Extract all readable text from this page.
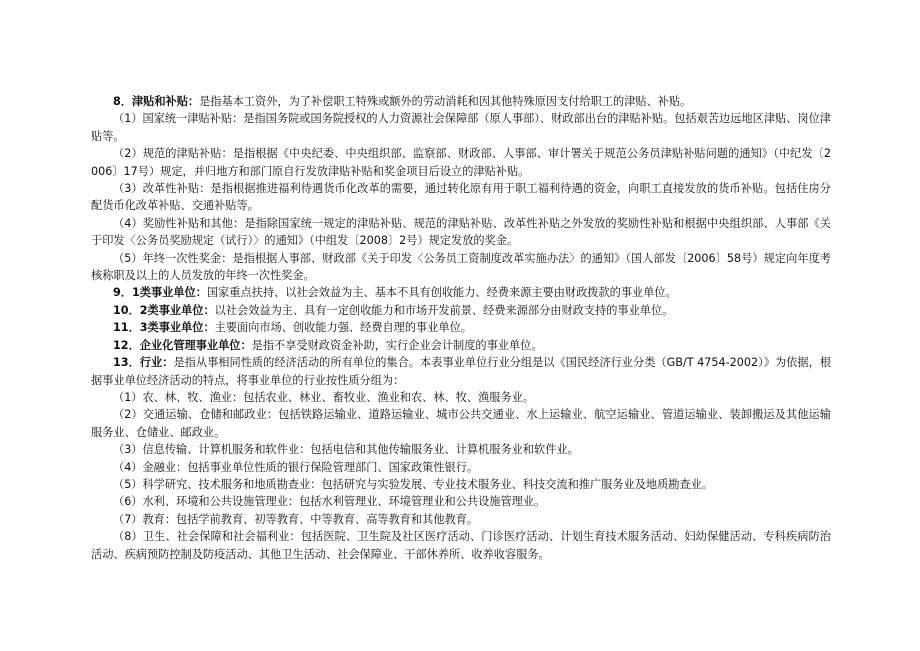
8．津贴和补贴：是指基本工资外，为了补偿职工特殊或额外的劳动消耗和因其他特殊原因支付给职工的津贴、补贴。

（1）国家统一津贴补贴：是指国务院或国务院授权的人力资源社会保障部（原人事部）、财政部出台的津贴补贴。包括艰苦边远地区津贴、岗位津贴等。

（2）规范的津贴补贴：是指根据《中央纪委、中央组织部、监察部、财政部、人事部、审计署关于规范公务员津贴补贴问题的通知》（中纪发〔2006〕17号）规定，并归地方和部门原自行发放津贴补贴和奖金项目后设立的津贴补贴。

（3）改革性补贴：是指根据推进福利待遇货币化改革的需要，通过转化原有用于职工福利待遇的资金，向职工直接发放的货币补贴。包括住房分配货币化改革补贴、交通补贴等。

（4）奖励性补贴和其他：是指除国家统一规定的津贴补贴、规范的津贴补贴、改革性补贴之外发放的奖励性补贴和根据中央组织部、人事部《关于印发〈公务员奖励规定（试行）〉的通知》（中组发〔2008〕2号）规定发放的奖金。

（5）年终一次性奖金：是指根据人事部、财政部《关于印发〈公务员工资制度改革实施办法〉的通知》（国人部发〔2006〕58号）规定向年度考核称职及以上的人员发放的年终一次性奖金。

9．1类事业单位：国家重点扶持、以社会效益为主、基本不具有创收能力、经费来源主要由财政拨款的事业单位。

10．2类事业单位：以社会效益为主、具有一定创收能力和市场开发前景、经费来源部分由财政支持的事业单位。

11．3类事业单位：主要面向市场、创收能力强、经费自理的事业单位。

12．企业化管理事业单位：是指不享受财政资金补助，实行企业会计制度的事业单位。

13．行业：是指从事相同性质的经济活动的所有单位的集合。本表事业单位行业分组是以《国民经济行业分类（GB/T 4754-2002）》为依据，根据事业单位经济活动的特点，将事业单位的行业按性质分组为：

（1）农、林、牧、渔业：包括农业、林业、畜牧业、渔业和农、林、牧、渔服务业。

（2）交通运输、仓储和邮政业：包括铁路运输业、道路运输业、城市公共交通业、水上运输业、航空运输业、管道运输业、装卸搬运及其他运输服务业、仓储业、邮政业。

（3）信息传输、计算机服务和软件业：包括电信和其他传输服务业、计算机服务业和软件业。

（4）金融业：包括事业单位性质的银行保险管理部门、国家政策性银行。

（5）科学研究、技术服务和地质勘查业：包括研究与实验发展、专业技术服务业、科技交流和推广服务业及地质勘查业。

（6）水利、环境和公共设施管理业：包括水利管理业、环境管理业和公共设施管理业。

（7）教育：包括学前教育、初等教育、中等教育、高等教育和其他教育。

（8）卫生、社会保障和社会福利业：包括医院、卫生院及社区医疗活动、门诊医疗活动、计划生育技术服务活动、妇幼保健活动、专科疾病防治活动、疾病预防控制及防疫活动、其他卫生活动、社会保障业、干部休养所、收养收容服务。
